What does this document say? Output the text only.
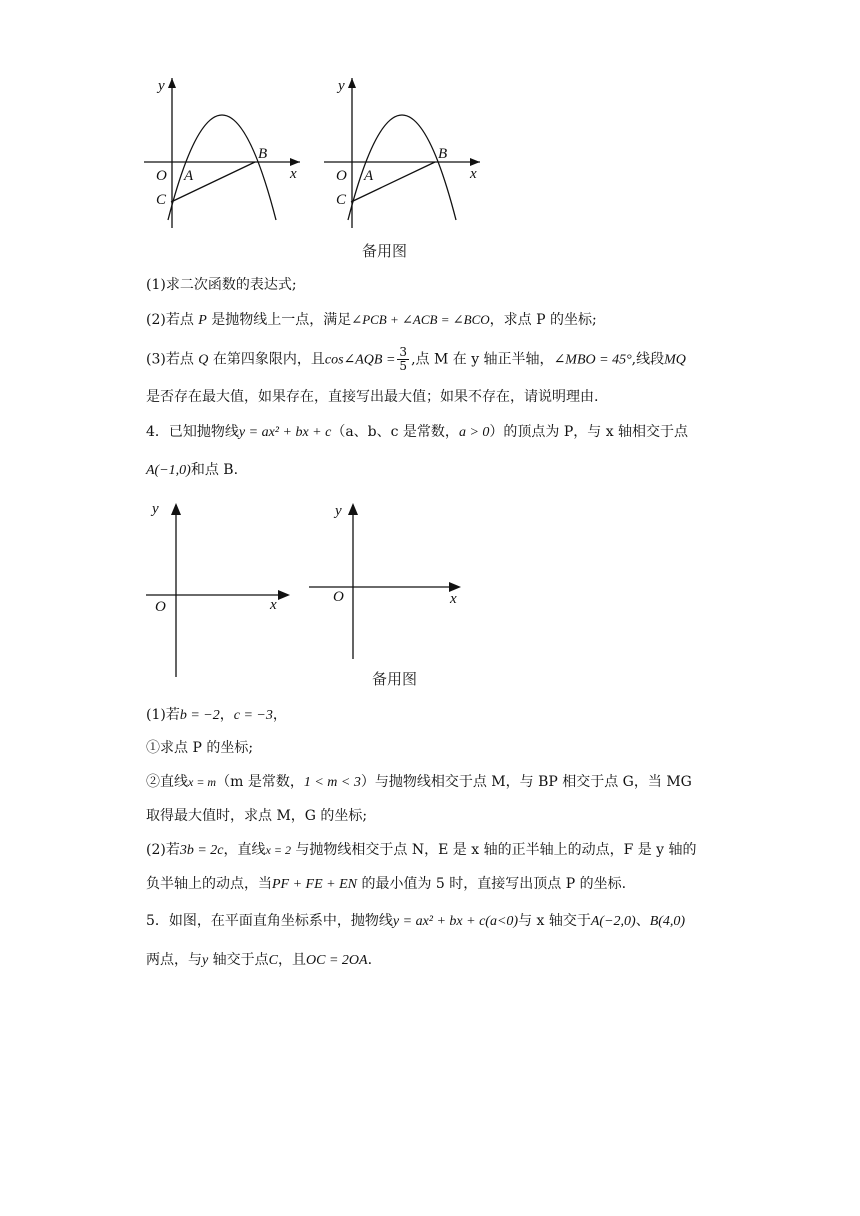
y
x
O A
B
C
y
x
O A
B
C
备用图
(1)求二次函数的表达式;
(2)若点 P 是抛物线上一点，满足∠PCB + ∠ACB = ∠BCO，求点 P 的坐标;
(3)若点 Q 在第四象限内，且cos∠AQB = $\frac{3}{5}$ ,点 M 在 y 轴正半轴，∠MBO = 45°,线段MQ
是否存在最大值，如果存在，直接写出最大值；如果不存在，请说明理由.
4．已知抛物线y = ax² + bx + c（a、b、c 是常数，a > 0）的顶点为 P，与 x 轴相交于点
A(−1,0)和点 B.
y
x
O
y
x
O
备用图
(1)若b = −2，c = −3，
①求点 P 的坐标;
②直线x = m（m 是常数，1 < m < 3）与抛物线相交于点 M，与 BP 相交于点 G，当 MG
取得最大值时，求点 M，G 的坐标;
(2)若3b = 2c，直线x = 2 与抛物线相交于点 N，E 是 x 轴的正半轴上的动点，F 是 y 轴的
负半轴上的动点，当PF + FE + EN 的最小值为 5 时，直接写出顶点 P 的坐标.
5．如图，在平面直角坐标系中，抛物线y = ax² + bx + c(a<0)与 x 轴交于A(−2,0)、B(4,0)
两点，与y 轴交于点C，且OC = 2OA.
